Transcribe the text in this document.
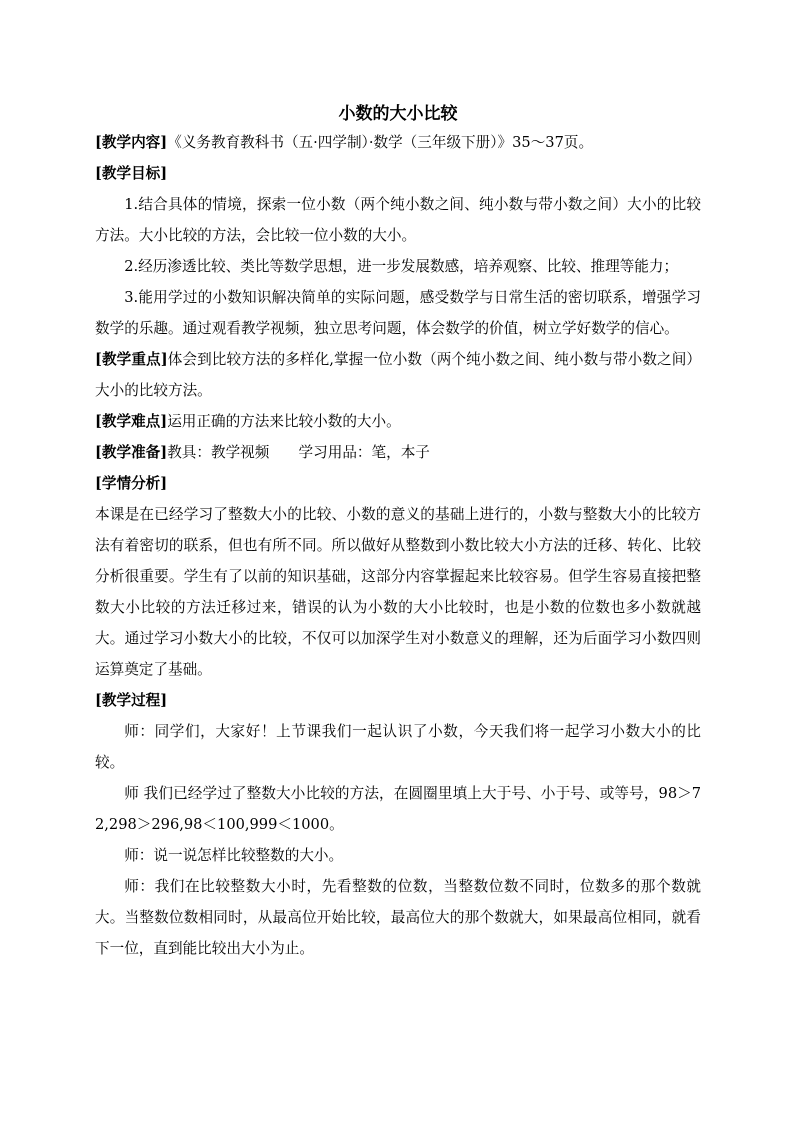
小数的大小比较

[教学内容]《义务教育教科书（五·四学制）·数学（三年级下册）》35～37页。

[教学目标]

1.结合具体的情境，探索一位小数（两个纯小数之间、纯小数与带小数之间）大小的比较方法。大小比较的方法，会比较一位小数的大小。

2.经历渗透比较、类比等数学思想，进一步发展数感，培养观察、比较、推理等能力；

3.能用学过的小数知识解决简单的实际问题，感受数学与日常生活的密切联系，增强学习数学的乐趣。通过观看教学视频，独立思考问题，体会数学的价值，树立学好数学的信心。

[教学重点]体会到比较方法的多样化,掌握一位小数（两个纯小数之间、纯小数与带小数之间）大小的比较方法。

[教学难点]运用正确的方法来比较小数的大小。

[教学准备]教具：教学视频　　学习用品：笔，本子

[学情分析]

本课是在已经学习了整数大小的比较、小数的意义的基础上进行的，小数与整数大小的比较方法有着密切的联系，但也有所不同。所以做好从整数到小数比较大小方法的迁移、转化、比较分析很重要。学生有了以前的知识基础，这部分内容掌握起来比较容易。但学生容易直接把整数大小比较的方法迁移过来，错误的认为小数的大小比较时，也是小数的位数也多小数就越大。通过学习小数大小的比较，不仅可以加深学生对小数意义的理解，还为后面学习小数四则运算奠定了基础。

[教学过程]

师：同学们，大家好！上节课我们一起认识了小数，今天我们将一起学习小数大小的比较。

师 我们已经学过了整数大小比较的方法，在圆圈里填上大于号、小于号、或等号，98＞72,298＞296,98＜100,999＜1000。

师：说一说怎样比较整数的大小。

师：我们在比较整数大小时，先看整数的位数，当整数位数不同时，位数多的那个数就大。当整数位数相同时，从最高位开始比较，最高位大的那个数就大，如果最高位相同，就看下一位，直到能比较出大小为止。
